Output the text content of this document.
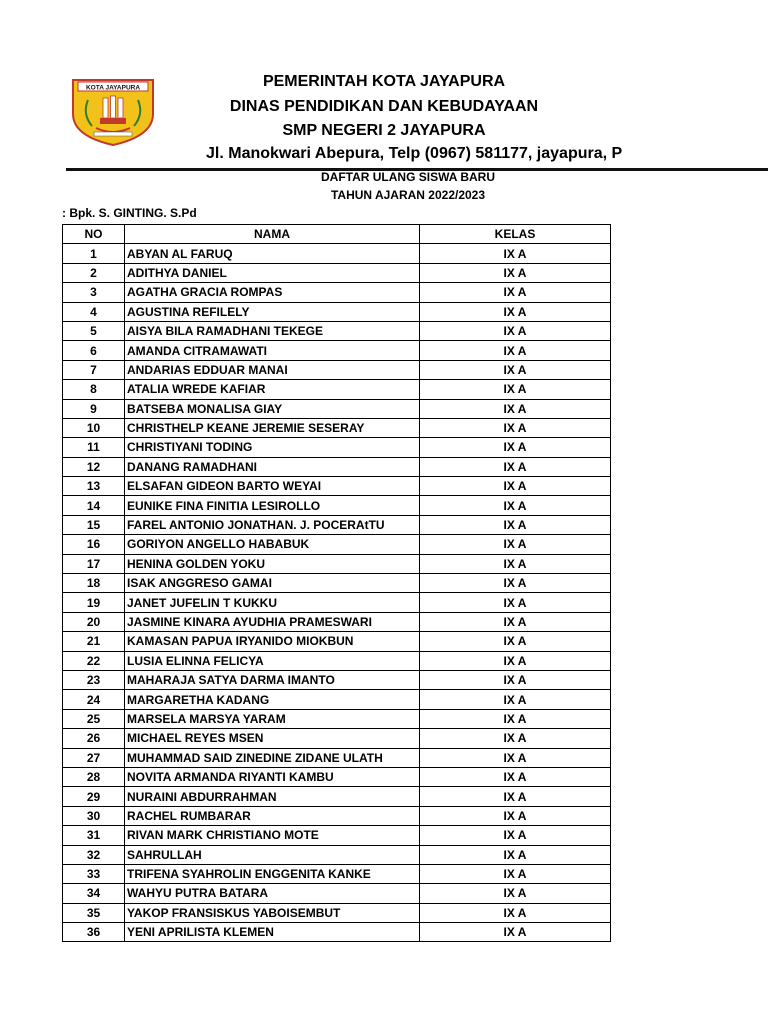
KOTA JAYAPURA	PEMERINTAH KOTA JAYAPURA
DINAS PENDIDIKAN DAN KEBUDAYAAN
SMP NEGERI 2 JAYAPURA
Jl. Manokwari Abepura, Telp (0967) 581177, jayapura, P
DAFTAR ULANG SISWA BARU
TAHUN AJARAN 2022/2023
: Bpk. S. GINTING. S.Pd
NO	NAMA	KELAS
1	ABYAN AL FARUQ	IX A
2	ADITHYA DANIEL	IX A
3	AGATHA GRACIA ROMPAS	IX A
4	AGUSTINA REFILELY	IX A
5	AISYA BILA RAMADHANI TEKEGE	IX A
6	AMANDA CITRAMAWATI	IX A
7	ANDARIAS EDDUAR MANAI	IX A
8	ATALIA WREDE KAFIAR	IX A
9	BATSEBA MONALISA GIAY	IX A
10	CHRISTHELP KEANE JEREMIE SESERAY	IX A
11	CHRISTIYANI TODING	IX A
12	DANANG RAMADHANI	IX A
13	ELSAFAN GIDEON BARTO WEYAI	IX A
14	EUNIKE FINA FINITIA LESIROLLO	IX A
15	FAREL ANTONIO JONATHAN. J. POCERAtTU	IX A
16	GORIYON ANGELLO HABABUK	IX A
17	HENINA GOLDEN YOKU	IX A
18	ISAK ANGGRESO GAMAI	IX A
19	JANET JUFELIN T KUKKU	IX A
20	JASMINE KINARA AYUDHIA PRAMESWARI	IX A
21	KAMASAN PAPUA IRYANIDO MIOKBUN	IX A
22	LUSIA ELINNA FELICYA	IX A
23	MAHARAJA SATYA DARMA IMANTO	IX A
24	MARGARETHA KADANG	IX A
25	MARSELA MARSYA YARAM	IX A
26	MICHAEL REYES MSEN	IX A
27	MUHAMMAD SAID ZINEDINE ZIDANE ULATH	IX A
28	NOVITA ARMANDA RIYANTI KAMBU	IX A
29	NURAINI ABDURRAHMAN	IX A
30	RACHEL RUMBARAR	IX A
31	RIVAN MARK CHRISTIANO MOTE	IX A
32	SAHRULLAH	IX A
33	TRIFENA SYAHROLIN ENGGENITA KANKE	IX A
34	WAHYU PUTRA BATARA	IX A
35	YAKOP FRANSISKUS YABOISEMBUT	IX A
36	YENI APRILISTA KLEMEN	IX A
